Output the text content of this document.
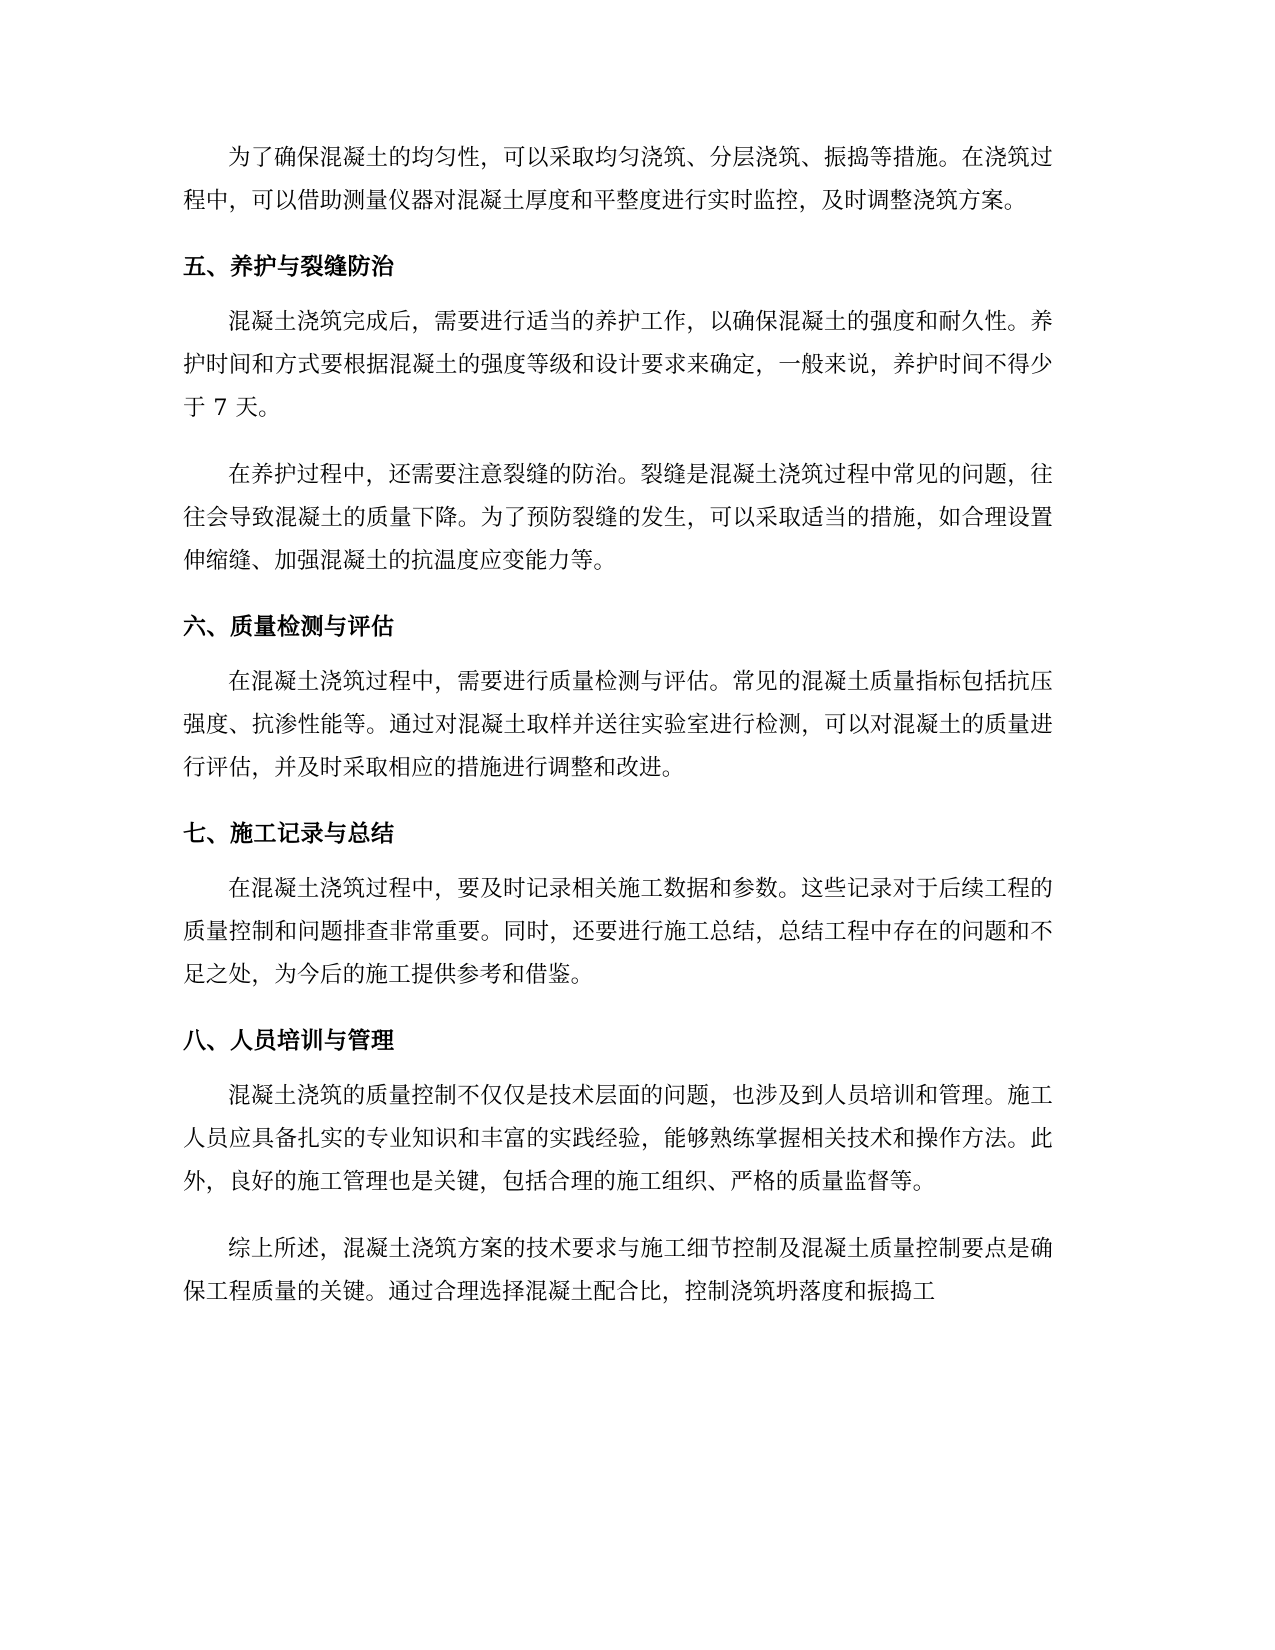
为了确保混凝土的均匀性，可以采取均匀浇筑、分层浇筑、振捣等措施。在浇筑过程中，可以借助测量仪器对混凝土厚度和平整度进行实时监控，及时调整浇筑方案。

五、养护与裂缝防治

混凝土浇筑完成后，需要进行适当的养护工作，以确保混凝土的强度和耐久性。养护时间和方式要根据混凝土的强度等级和设计要求来确定，一般来说，养护时间不得少于 7 天。

在养护过程中，还需要注意裂缝的防治。裂缝是混凝土浇筑过程中常见的问题，往往会导致混凝土的质量下降。为了预防裂缝的发生，可以采取适当的措施，如合理设置伸缩缝、加强混凝土的抗温度应变能力等。

六、质量检测与评估

在混凝土浇筑过程中，需要进行质量检测与评估。常见的混凝土质量指标包括抗压强度、抗渗性能等。通过对混凝土取样并送往实验室进行检测，可以对混凝土的质量进行评估，并及时采取相应的措施进行调整和改进。

七、施工记录与总结

在混凝土浇筑过程中，要及时记录相关施工数据和参数。这些记录对于后续工程的质量控制和问题排查非常重要。同时，还要进行施工总结，总结工程中存在的问题和不足之处，为今后的施工提供参考和借鉴。

八、人员培训与管理

混凝土浇筑的质量控制不仅仅是技术层面的问题，也涉及到人员培训和管理。施工人员应具备扎实的专业知识和丰富的实践经验，能够熟练掌握相关技术和操作方法。此外，良好的施工管理也是关键，包括合理的施工组织、严格的质量监督等。

综上所述，混凝土浇筑方案的技术要求与施工细节控制及混凝土质量控制要点是确保工程质量的关键。通过合理选择混凝土配合比，控制浇筑坍落度和振捣工
